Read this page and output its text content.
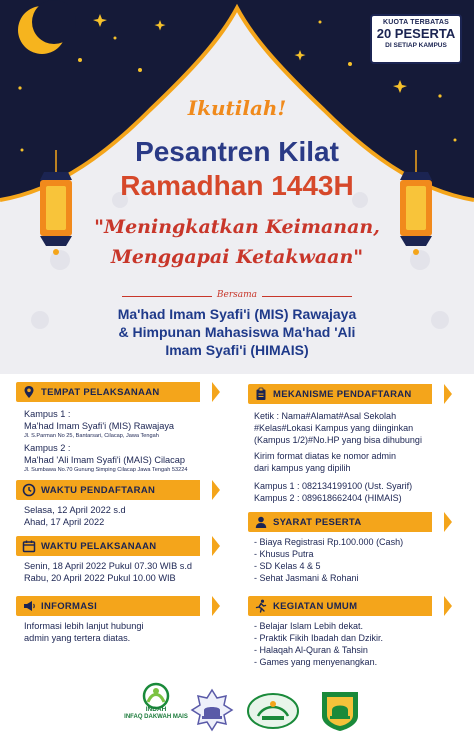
KUOTA TERBATAS
20 PESERTA
DI SETIAP KAMPUS
Ikutilah!
Pesantren Kilat
Ramadhan 1443H
"Meningkatkan Keimanan,
Menggapai Ketakwaan"
Bersama
Ma'had Imam Syafi'i (MIS) Rawajaya
& Himpunan Mahasiswa Ma'had 'Ali
Imam Syafi'i (HIMAIS)
TEMPAT PELAKSANAAN
Kampus 1 :
Ma'had Imam Syafi'i (MIS) Rawajaya
Jl. S.Parman No 25, Bantarsari, Cilacap, Jawa Tengah
Kampus 2 :
Ma'had 'Ali Imam Syafi'i (MAIS) Cilacap
Jl. Sumbawa No.70 Gunung Simping Cilacap Jawa Tengah 53224
WAKTU PENDAFTARAN
Selasa, 12 April 2022 s.d
Ahad, 17 April 2022
WAKTU PELAKSANAAN
Senin, 18 April 2022 Pukul 07.30 WIB s.d
Rabu, 20 April 2022 Pukul 10.00 WIB
INFORMASI
Informasi lebih lanjut hubungi
admin yang tertera diatas.
MEKANISME PENDAFTARAN
Ketik : Nama#Alamat#Asal Sekolah
#Kelas#Lokasi Kampus yang diinginkan
(Kampus 1/2)#No.HP yang bisa dihubungi
Kirim format diatas ke nomor admin
dari kampus yang dipilih
Kampus 1 : 082134199100 (Ust. Syarif)
Kampus 2 : 089618662404 (HIMAIS)
SYARAT PESERTA
- Biaya Registrasi Rp.100.000 (Cash)
- Khusus Putra
- SD Kelas 4 & 5
- Sehat Jasmani & Rohani
KEGIATAN UMUM
- Belajar Islam Lebih dekat.
- Praktik Fikih Ibadah dan Dzikir.
- Halaqah Al-Quran & Tahsin
- Games yang menyenangkan.
INDAH
INFAQ DAKWAH MAIS
